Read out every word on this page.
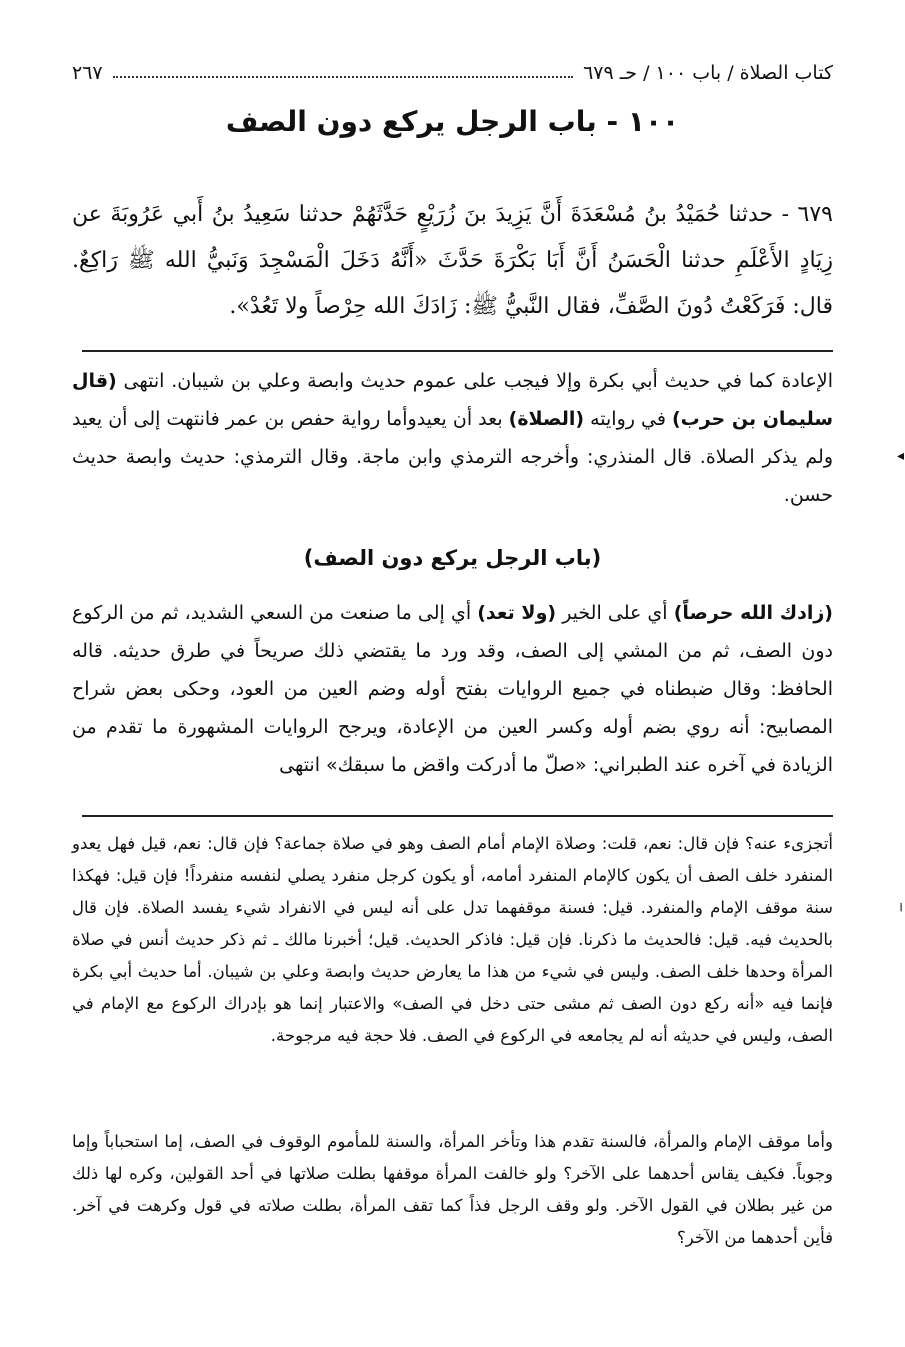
كتاب الصلاة / باب ١٠٠ / حـ ٦٧٩
٢٦٧
١٠٠ - باب الرجل يركع دون الصف
٦٧٩ - حدثنا حُمَيْدُ بنُ مُسْعَدَةَ أَنَّ يَزِيدَ بنَ زُرَيْعٍ حَدَّثَهُمْ حدثنا سَعِيدُ بنُ أَبي عَرُوبَةَ عن زِيَادٍ الأَعْلَمِ حدثنا الْحَسَنُ أَنَّ أَبَا بَكْرَةَ حَدَّثَ «أَنَّهُ دَخَلَ الْمَسْجِدَ وَنَبيُّ الله ﷺ رَاكِعٌ. قال: فَرَكَعْتُ دُونَ الصَّفِّ، فقال النَّبيُّ ﷺ: زَادَكَ الله حِرْصاً ولا تَعُدْ».
الإعادة كما في حديث أبي بكرة وإلا فيجب على عموم حديث وابصة وعلي بن شيبان. انتهى (قال سليمان بن حرب) في روايته (الصلاة) بعد أن يعيدوأما رواية حفص بن عمر فانتهت إلى أن يعيد ولم يذكر الصلاة. قال المنذري: وأخرجه الترمذي وابن ماجة. وقال الترمذي: حديث وابصة حديث حسن.
(باب الرجل يركع دون الصف)
(زادك الله حرصاً) أي على الخير (ولا تعد) أي إلى ما صنعت من السعي الشديد، ثم من الركوع دون الصف، ثم من المشي إلى الصف، وقد ورد ما يقتضي ذلك صريحاً في طرق حديثه. قاله الحافظ: وقال ضبطناه في جميع الروايات بفتح أوله وضم العين من العود، وحكى بعض شراح المصابيح: أنه روي بضم أوله وكسر العين من الإعادة، ويرجح الروايات المشهورة ما تقدم من الزيادة في آخره عند الطبراني: «صلّ ما أدركت واقض ما سبقك» انتهى
أتجزىء عنه؟ فإن قال: نعم، قلت: وصلاة الإمام أمام الصف وهو في صلاة جماعة؟ فإن قال: نعم، قيل فهل يعدو المنفرد خلف الصف أن يكون كالإمام المنفرد أمامه، أو يكون كرجل منفرد يصلي لنفسه منفرداً! فإن قيل: فهكذا سنة موقف الإمام والمنفرد. قيل: فسنة موقفهما تدل على أنه ليس في الانفراد شيء يفسد الصلاة. فإن قال بالحديث فيه. قيل: فالحديث ما ذكرنا. فإن قيل: فاذكر الحديث. قيل؛ أخبرنا مالك ـ ثم ذكر حديث أنس في صلاة المرأة وحدها خلف الصف. وليس في شيء من هذا ما يعارض حديث وابصة وعلي بن شيبان. أما حديث أبي بكرة فإنما فيه «أنه ركع دون الصف ثم مشى حتى دخل في الصف» والاعتبار إنما هو بإدراك الركوع مع الإمام في الصف، وليس في حديثه أنه لم يجامعه في الركوع في الصف. فلا حجة فيه مرجوحة.
وأما موقف الإمام والمرأة، فالسنة تقدم هذا وتأخر المرأة، والسنة للمأموم الوقوف في الصف، إما استحباباً وإما وجوباً. فكيف يقاس أحدهما على الآخر؟ ولو خالفت المرأة موقفها بطلت صلاتها في أحد القولين، وكره لها ذلك من غير بطلان في القول الآخر. ولو وقف الرجل فذاً كما تقف المرأة، بطلت صلاته في قول وكرهت في آخر. فأين أحدهما من الآخر؟
◂
╵
